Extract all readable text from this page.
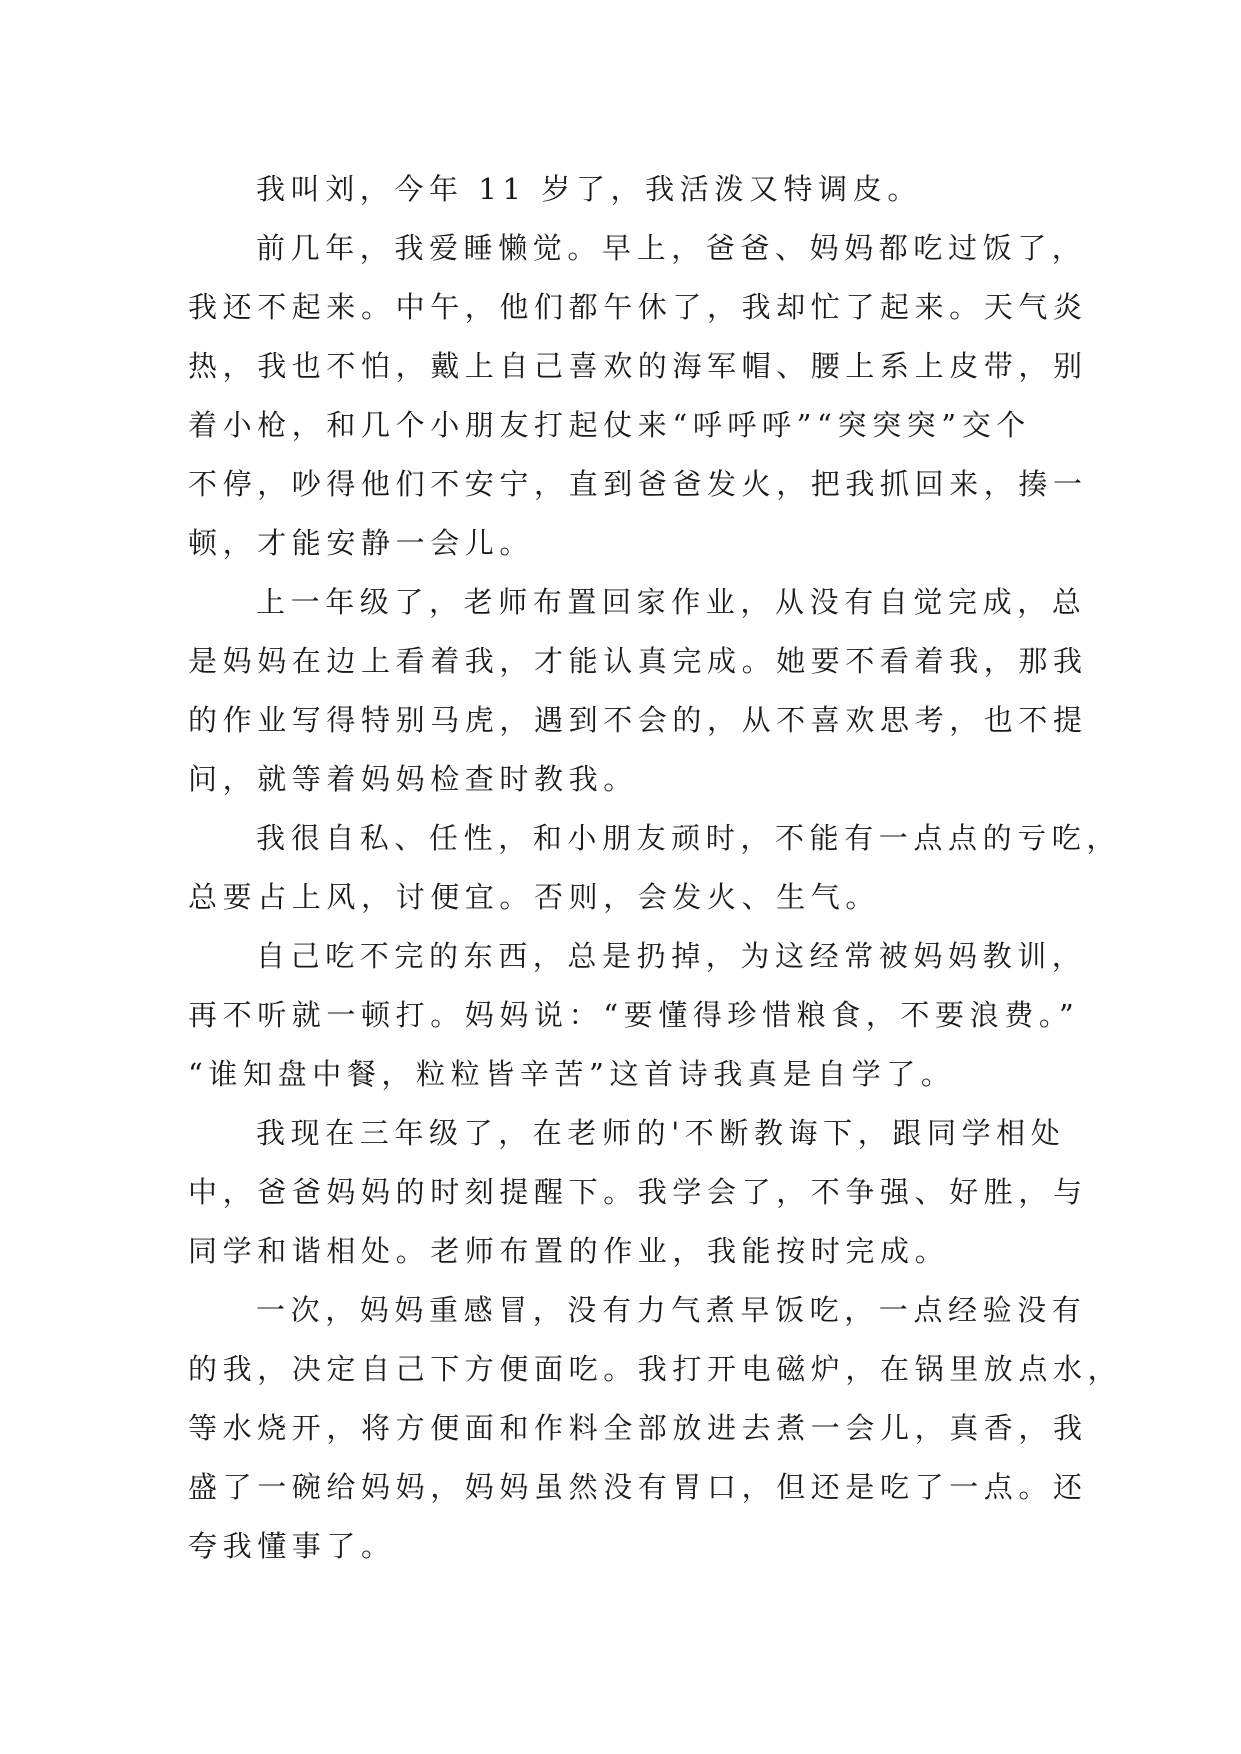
我叫刘，今年 11 岁了，我活泼又特调皮。

前几年，我爱睡懒觉。早上，爸爸、妈妈都吃过饭了，
我还不起来。中午，他们都午休了，我却忙了起来。天气炎
热，我也不怕，戴上自己喜欢的海军帽、腰上系上皮带，别
着小枪，和几个小朋友打起仗来“呼呼呼”“突突突”交个
不停，吵得他们不安宁，直到爸爸发火，把我抓回来，揍一
顿，才能安静一会儿。

上一年级了，老师布置回家作业，从没有自觉完成，总
是妈妈在边上看着我，才能认真完成。她要不看着我，那我
的作业写得特别马虎，遇到不会的，从不喜欢思考，也不提
问，就等着妈妈检查时教我。

我很自私、任性，和小朋友顽时，不能有一点点的亏吃，
总要占上风，讨便宜。否则，会发火、生气。

自己吃不完的东西，总是扔掉，为这经常被妈妈教训，
再不听就一顿打。妈妈说：“要懂得珍惜粮食，不要浪费。”
“谁知盘中餐，粒粒皆辛苦”这首诗我真是自学了。

我现在三年级了，在老师的'不断教诲下，跟同学相处
中，爸爸妈妈的时刻提醒下。我学会了，不争强、好胜，与
同学和谐相处。老师布置的作业，我能按时完成。

一次，妈妈重感冒，没有力气煮早饭吃，一点经验没有
的我，决定自己下方便面吃。我打开电磁炉，在锅里放点水，
等水烧开，将方便面和作料全部放进去煮一会儿，真香，我
盛了一碗给妈妈，妈妈虽然没有胃口，但还是吃了一点。还
夸我懂事了。
